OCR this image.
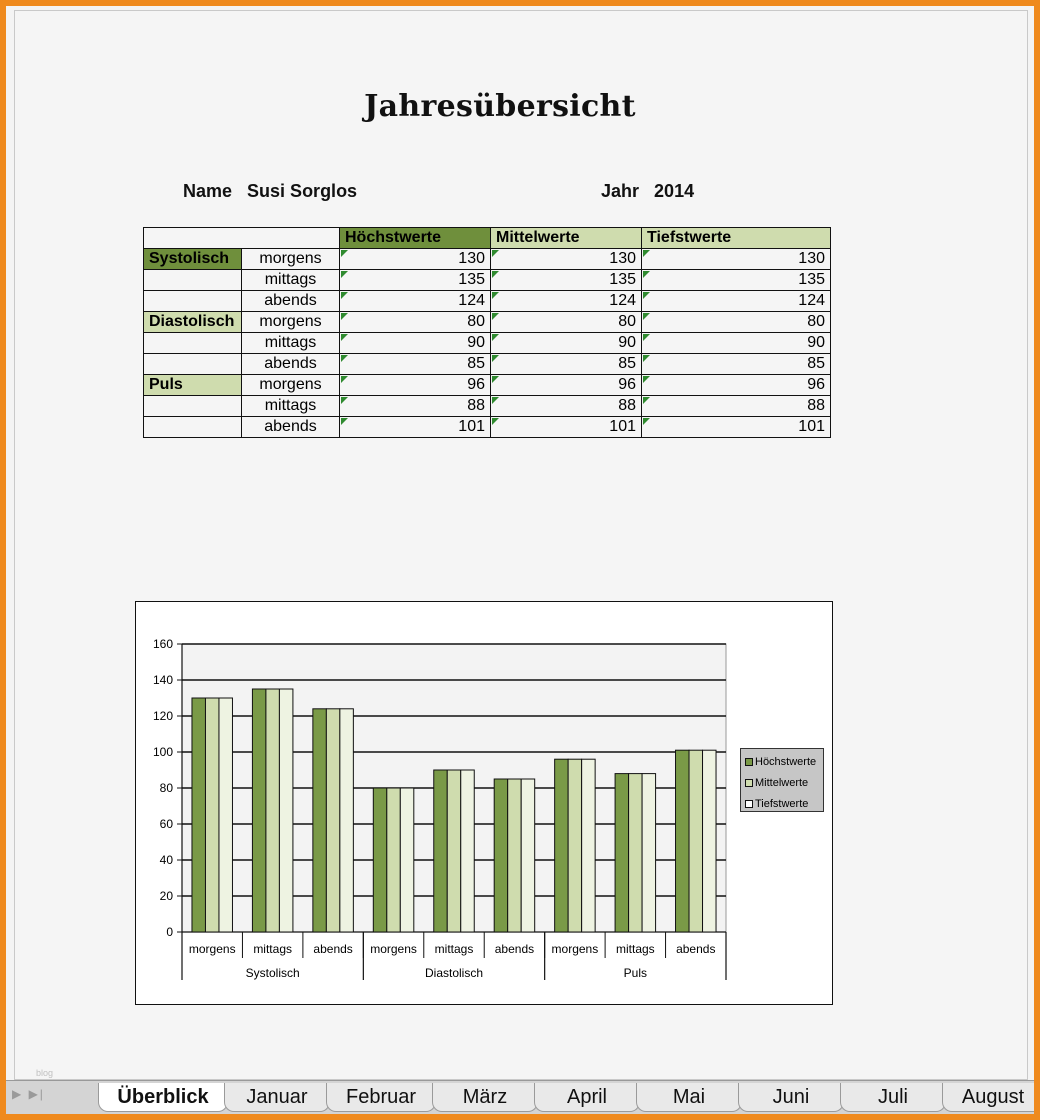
Jahresübersicht
Name Susi Sorglos	Jahr 2014
		Höchstwerte	Mittelwerte	Tiefstwerte
Systolisch	morgens	130	130	130
	mittags	135	135	135
	abends	124	124	124
Diastolisch	morgens	80	80	80
	mittags	90	90	90
	abends	85	85	85
Puls	morgens	96	96	96
	mittags	88	88	88
	abends	101	101	101
0
20
40
60
80
100
120
140
160
morgens mittags abends morgens mittags abends morgens mittags abends
Systolisch	Diastolisch	Puls
Höchstwerte
Mittelwerte
Tiefstwerte
blog
▶ ▶|	Überblick	Januar	Februar	März	April	Mai	Juni	Juli	August
